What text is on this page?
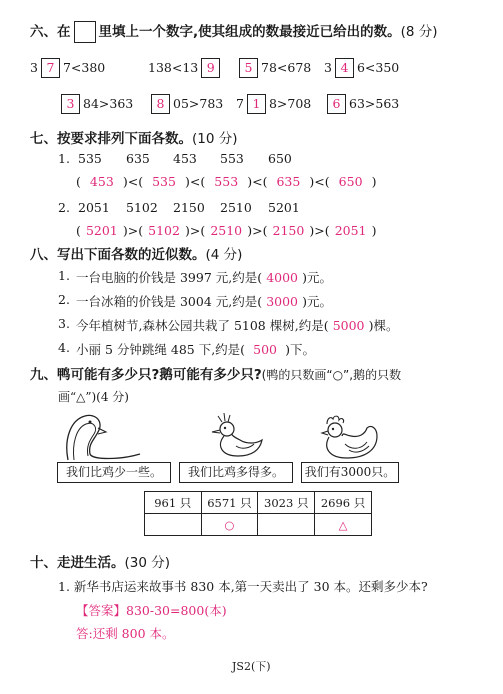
六、在 里填上一个数字,使其组成的数最接近已给出的数。(8 分)
3 7 7<380	138<13 9	5 78<678 3 4 6<350
3 84>363	8 05>783 7 1 8>708	6 63>563
七、按要求排列下面各数。(10 分)
1. 535 635 453 553 650
( 453 )<( 535 )<( 553 )<( 635 )<( 650 )
2. 2051 5102 2150 2510 5201
( 5201 )>( 5102 )>( 2510 )>( 2150 )>( 2051 )
八、写出下面各数的近似数。(4 分)
1. 一台电脑的价钱是 3997 元,约是( 4000 )元。
2. 一台冰箱的价钱是 3004 元,约是( 3000 )元。
3. 今年植树节,森林公园共栽了 5108 棵树,约是( 5000 )棵。
4. 小丽 5 分钟跳绳 485 下,约是( 500 )下。
九、鸭可能有多少只?鹅可能有多少只?(鸭的只数画“○”,鹅的只数
画“△”)(4 分)
我们比鸡少一些。	我们比鸡多得多。	我们有3000只。
961 只	6571 只	3023 只	2696 只
	○		△
十、走进生活。(30 分)
1. 新华书店运来故事书 830 本,第一天卖出了 30 本。还剩多少本?
【答案】830-30=800(本)
答:还剩 800 本。
JS2(下)
